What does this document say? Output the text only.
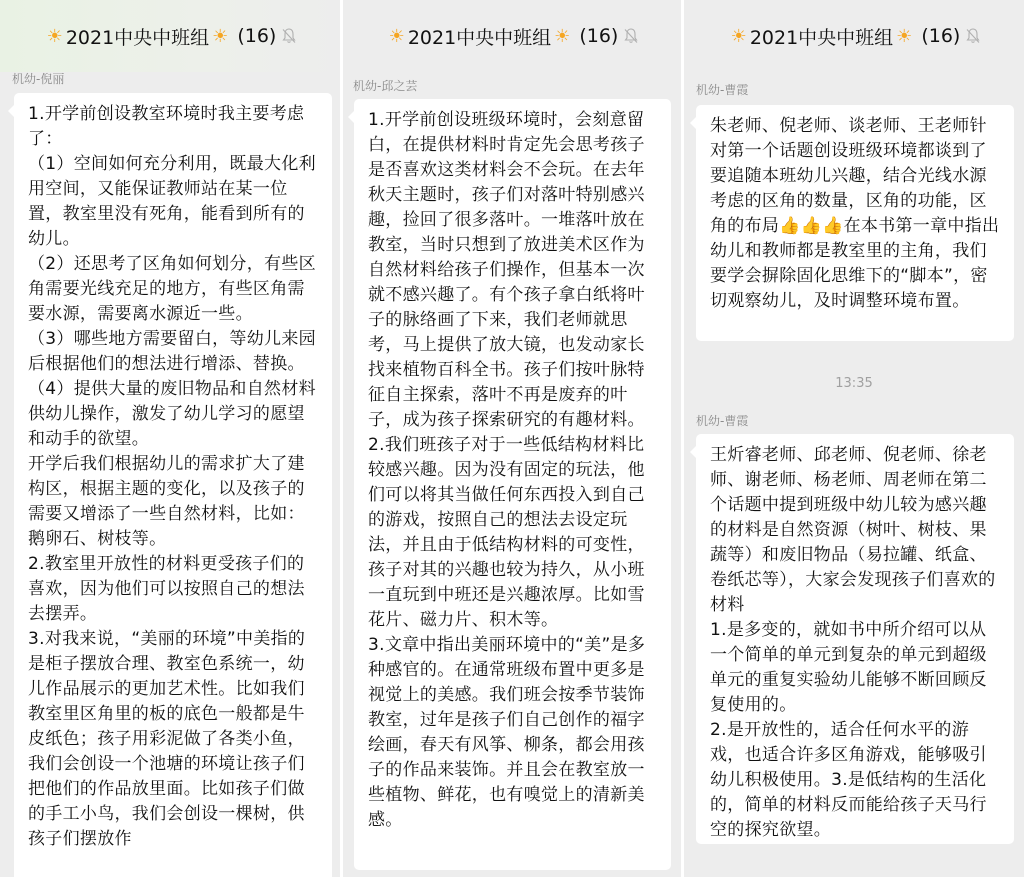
☀ 2021中央中班组 ☀ (16)
机幼-倪丽

1.开学前创设教室环境时我主要考虑了：

（1）空间如何充分利用，既最大化利用空间，又能保证教师站在某一位置，教室里没有死角，能看到所有的幼儿。

（2）还思考了区角如何划分，有些区角需要光线充足的地方，有些区角需要水源，需要离水源近一些。

（3）哪些地方需要留白，等幼儿来园后根据他们的想法进行增添、替换。

（4）提供大量的废旧物品和自然材料供幼儿操作，激发了幼儿学习的愿望和动手的欲望。

开学后我们根据幼儿的需求扩大了建构区，根据主题的变化，以及孩子的需要又增添了一些自然材料，比如：鹅卵石、树枝等。

2.教室里开放性的材料更受孩子们的喜欢，因为他们可以按照自己的想法去摆弄。

3.对我来说，“美丽的环境”中美指的是柜子摆放合理、教室色系统一，幼儿作品展示的更加艺术性。比如我们教室里区角里的板的底色一般都是牛皮纸色；孩子用彩泥做了各类小鱼，我们会创设一个池塘的环境让孩子们把他们的作品放里面。比如孩子们做的手工小鸟，我们会创设一棵树，供孩子们摆放作

☀ 2021中央中班组 ☀ (16)
机幼-邱之芸

1.开学前创设班级环境时，会刻意留白，在提供材料时肯定先会思考孩子是否喜欢这类材料会不会玩。在去年秋天主题时，孩子们对落叶特别感兴趣，捡回了很多落叶。一堆落叶放在教室，当时只想到了放进美术区作为自然材料给孩子们操作，但基本一次就不感兴趣了。有个孩子拿白纸将叶子的脉络画了下来，我们老师就思考，马上提供了放大镜，也发动家长找来植物百科全书。孩子们按叶脉特征自主探索，落叶不再是废弃的叶子，成为孩子探索研究的有趣材料。

2.我们班孩子对于一些低结构材料比较感兴趣。因为没有固定的玩法，他们可以将其当做任何东西投入到自己的游戏，按照自己的想法去设定玩法，并且由于低结构材料的可变性，孩子对其的兴趣也较为持久，从小班一直玩到中班还是兴趣浓厚。比如雪花片、磁力片、积木等。

3.文章中指出美丽环境中的“美”是多种感官的。在通常班级布置中更多是视觉上的美感。我们班会按季节装饰教室，过年是孩子们自己创作的福字绘画，春天有风筝、柳条，都会用孩子的作品来装饰。并且会在教室放一些植物、鲜花，也有嗅觉上的清新美感。

☀ 2021中央中班组 ☀ (16)
机幼-曹霞

朱老师、倪老师、谈老师、王老师针对第一个话题创设班级环境都谈到了要追随本班幼儿兴趣，结合光线水源考虑的区角的数量，区角的功能，区角的布局👍👍👍在本书第一章中指出幼儿和教师都是教室里的主角，我们要学会摒除固化思维下的“脚本”，密切观察幼儿，及时调整环境布置。

13:35
机幼-曹霞

王炘睿老师、邱老师、倪老师、徐老师、谢老师、杨老师、周老师在第二个话题中提到班级中幼儿较为感兴趣的材料是自然资源（树叶、树枝、果蔬等）和废旧物品（易拉罐、纸盒、卷纸芯等），大家会发现孩子们喜欢的材料

1.是多变的，就如书中所介绍可以从一个简单的单元到复杂的单元到超级单元的重复实验幼儿能够不断回顾反复使用的。

2.是开放性的，适合任何水平的游戏，也适合许多区角游戏，能够吸引幼儿积极使用。3.是低结构的生活化的，简单的材料反而能给孩子天马行空的探究欲望。
